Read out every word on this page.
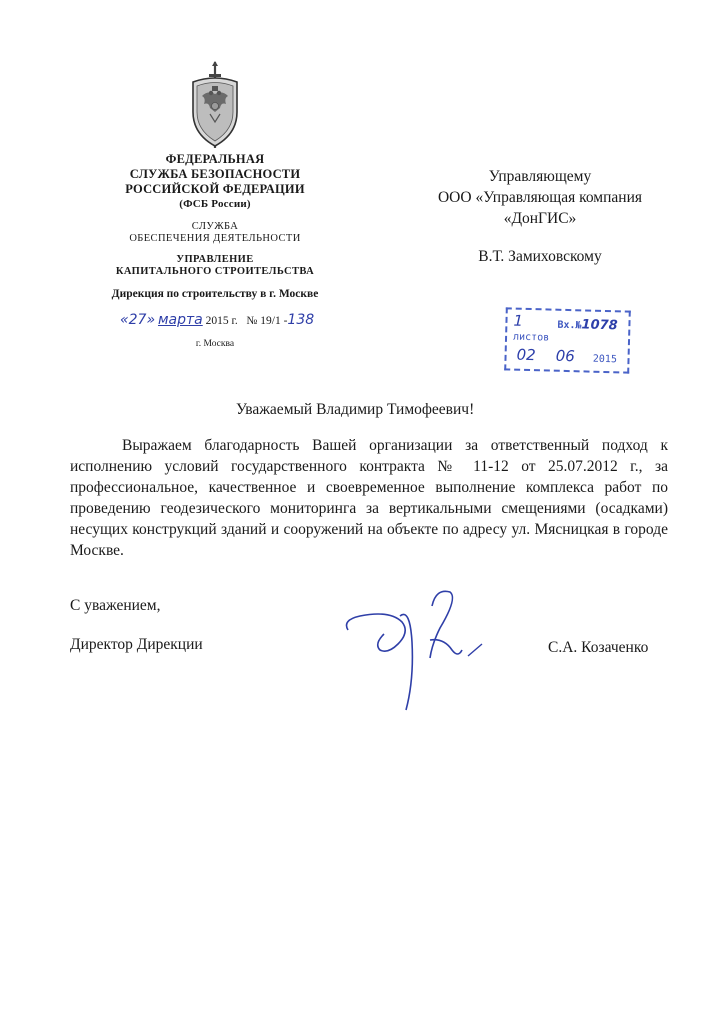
ФЕДЕРАЛЬНАЯ
СЛУЖБА БЕЗОПАСНОСТИ
РОССИЙСКОЙ ФЕДЕРАЦИИ
(ФСБ России)
СЛУЖБА
ОБЕСПЕЧЕНИЯ ДЕЯТЕЛЬНОСТИ
УПРАВЛЕНИЕ
КАПИТАЛЬНОГО СТРОИТЕЛЬСТВА
Дирекция по строительству в г. Москве
«27» марта 2015 г. № 19/1 -138
г. Москва
Управляющему
ООО «Управляющая компания
«ДонГИС»
В.Т. Замиховскому
1	Вх.№1078
листов
02 06 2015
Уважаемый Владимир Тимофеевич!
Выражаем благодарность Вашей организации за ответственный подход к исполнению условий государственного контракта № 11-12 от 25.07.2012 г., за профессиональное, качественное и своевременное выполнение комплекса работ по проведению геодезического мониторинга за вертикальными смещениями (осадками) несущих конструкций зданий и сооружений на объекте по адресу ул. Мясницкая в городе Москве.
С уважением,
Директор Дирекции	С.А. Козаченко
